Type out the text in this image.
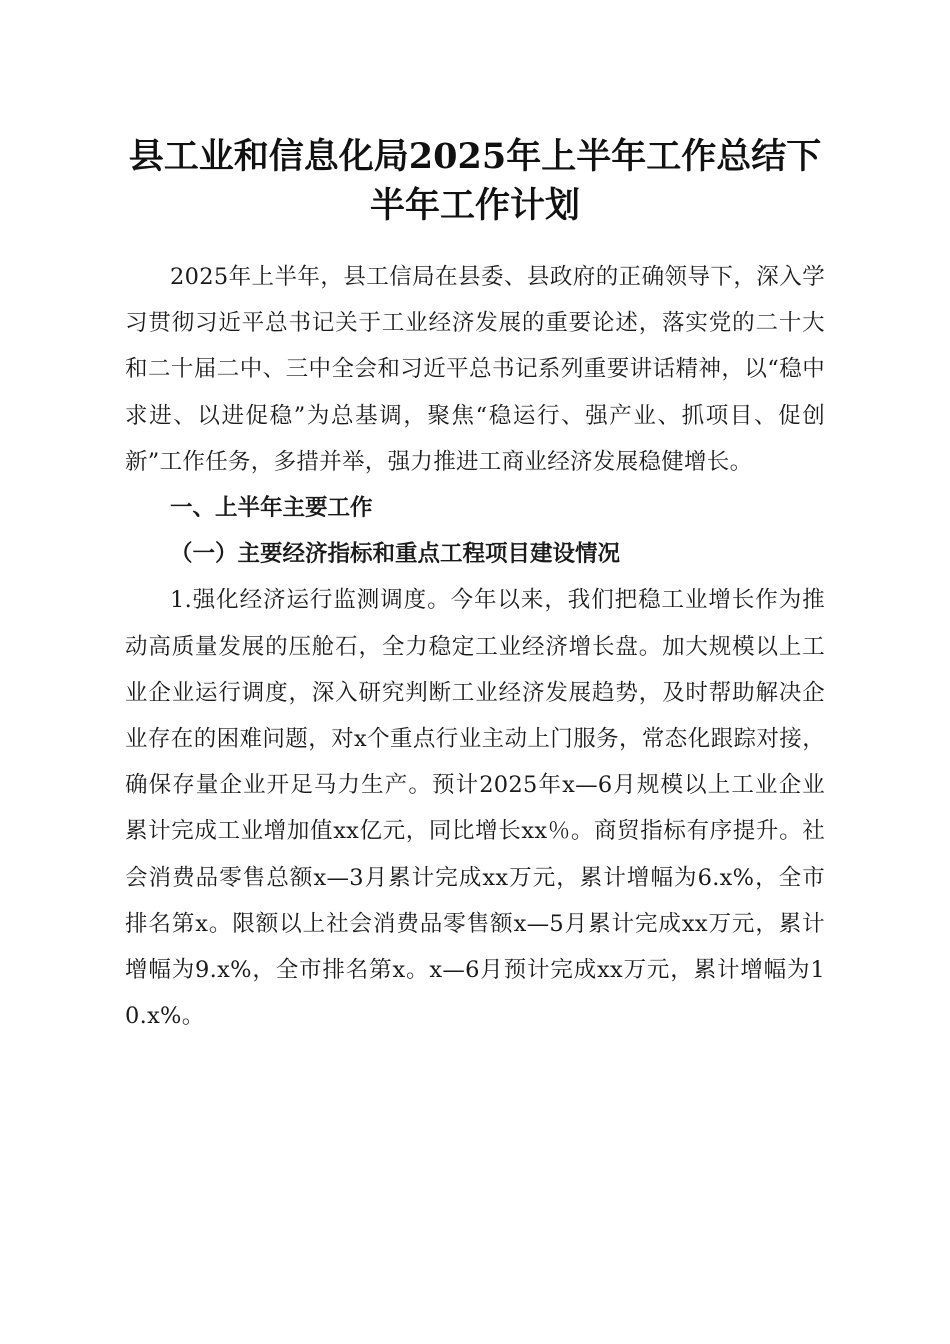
县工业和信息化局2025年上半年工作总结下半年工作计划

2025年上半年，县工信局在县委、县政府的正确领导下，深入学习贯彻习近平总书记关于工业经济发展的重要论述，落实党的二十大和二十届二中、三中全会和习近平总书记系列重要讲话精神，以“稳中求进、以进促稳”为总基调，聚焦“稳运行、强产业、抓项目、促创新”工作任务，多措并举，强力推进工商业经济发展稳健增长。

一、上半年主要工作

（一）主要经济指标和重点工程项目建设情况

1.强化经济运行监测调度。今年以来，我们把稳工业增长作为推动高质量发展的压舱石，全力稳定工业经济增长盘。加大规模以上工业企业运行调度，深入研究判断工业经济发展趋势，及时帮助解决企业存在的困难问题，对x个重点行业主动上门服务，常态化跟踪对接，确保存量企业开足马力生产。预计2025年x—6月规模以上工业企业累计完成工业增加值xx亿元，同比增长xx％。商贸指标有序提升。社会消费品零售总额x—3月累计完成xx万元，累计增幅为6.x%，全市排名第x。限额以上社会消费品零售额x—5月累计完成xx万元，累计增幅为9.x%，全市排名第x。x—6月预计完成xx万元，累计增幅为10.x%。
